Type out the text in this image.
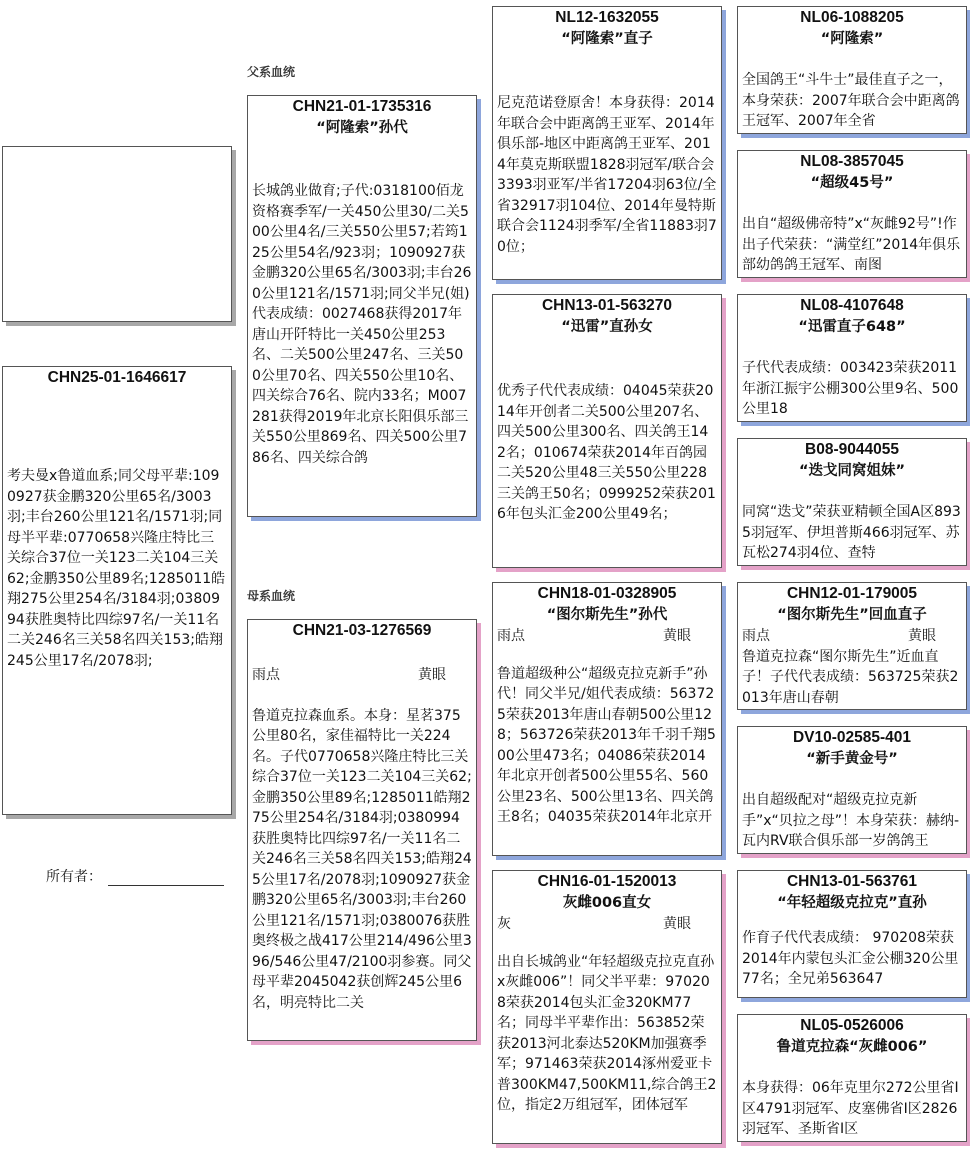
CHN25-01-1646617
考夫曼x鲁道血系;同父母平辈:1090927获金鹏320公里65名/3003羽;丰台260公里121名/1571羽;同母半平辈:0770658兴隆庄特比三关综合37位一关123二关104三关62;金鹏350公里89名;1285011皓翔275公里254名/3184羽;0380994获胜奥特比四综97名/一关11名二关246名三关58名四关153;皓翔245公里17名/2078羽;
所有者：
父系血统
母系血统
CHN21-01-1735316
“阿隆索”孙代
长城鸽业做育;子代:0318100佰龙资格赛季军/一关450公里30/二关500公里4名/三关550公里57;若筠125公里54名/923羽；1090927获金鹏320公里65名/3003羽;丰台260公里121名/1571羽;同父半兄(姐)代表成绩：0027468获得2017年唐山开阡特比一关450公里253名、二关500公里247名、三关500公里70名、四关550公里10名、四关综合76名、院内33名；M007281获得2019年北京长阳俱乐部三关550公里869名、四关500公里786名、四关综合鸽
CHN21-03-1276569
雨点	黄眼
鲁道克拉森血系。本身：星茗375公里80名，家佳福特比一关224名。子代0770658兴隆庄特比三关综合37位一关123二关104三关62;金鹏350公里89名;1285011皓翔275公里254名/3184羽;0380994获胜奥特比四综97名/一关11名二关246名三关58名四关153;皓翔245公里17名/2078羽;1090927获金鹏320公里65名/3003羽;丰台260公里121名/1571羽;0380076获胜奥终极之战417公里214/496公里396/546公里47/2100羽参赛。同父母平辈2045042获创辉245公里6名，明亮特比二关
NL12-1632055
“阿隆索”直子
尼克范诺登原舍！本身获得：2014年联合会中距离鸽王亚军、2014年俱乐部-地区中距离鸽王亚军、2014年莫克斯联盟1828羽冠军/联合会3393羽亚军/半省17204羽63位/全省32917羽104位、2014年曼特斯联合会1124羽季军/全省11883羽70位；
CHN13-01-563270
“迅雷”直孙女
优秀子代代表成绩：04045荣获2014年开创者二关500公里207名、四关500公里300名、四关鸽王142名；010674荣获2014年百鸽园二关520公里48三关550公里228三关鸽王50名；0999252荣获2016年包头汇金200公里49名；
CHN18-01-0328905
“图尔斯先生”孙代
雨点	黄眼
鲁道超级种公“超级克拉克新手”孙代！同父半兄/姐代表成绩：563725荣获2013年唐山春朝500公里128；563726荣获2013年千羽千翔500公里473名；04086荣获2014年北京开创者500公里55名、560公里23名、500公里13名、四关鸽王8名；04035荣获2014年北京开
CHN16-01-1520013
灰雌006直女
灰	黄眼
出自长城鸽业“年轻超级克拉克直孙x灰雌006”！同父半平辈：970208荣获2014包头汇金320KM77名；同母半平辈作出：563852荣获2013河北泰达520KM加强赛季军；971463荣获2014涿州爱亚卡普300KM47,500KM11,综合鸽王2位，指定2万组冠军，团体冠军
NL06-1088205
“阿隆索”
全国鸽王“斗牛士”最佳直子之一，本身荣获：2007年联合会中距离鸽王冠军、2007年全省
NL08-3857045
“超级45号”
出自“超级佛帝特”x“灰雌92号”!作出子代荣获：“满堂红”2014年俱乐部幼鸽鸽王冠军、南图
NL08-4107648
“迅雷直子648”
子代代表成绩：003423荣获2011年浙江振宇公棚300公里9名、500公里18
B08-9044055
“迭戈同窝姐妹”
同窝“迭戈”荣获亚精顿全国A区8935羽冠军、伊坦普斯466羽冠军、苏瓦松274羽4位、查特
CHN12-01-179005
“图尔斯先生”回血直子
雨点	黄眼
鲁道克拉森“图尔斯先生”近血直子！子代代表成绩：563725荣获2013年唐山春朝
DV10-02585-401
“新手黄金号”
出自超级配对“超级克拉克新手”x“贝拉之母”！本身荣获：赫纳-瓦内RV联合俱乐部一岁鸽鸽王
CHN13-01-563761
“年轻超级克拉克”直孙
作育子代代表成绩： 970208荣获2014年内蒙包头汇金公棚320公里77名；全兄弟563647
NL05-0526006
鲁道克拉森“灰雌006”
本身获得：06年克里尔272公里省I区4791羽冠军、皮塞佛省I区2826羽冠军、圣斯省I区
